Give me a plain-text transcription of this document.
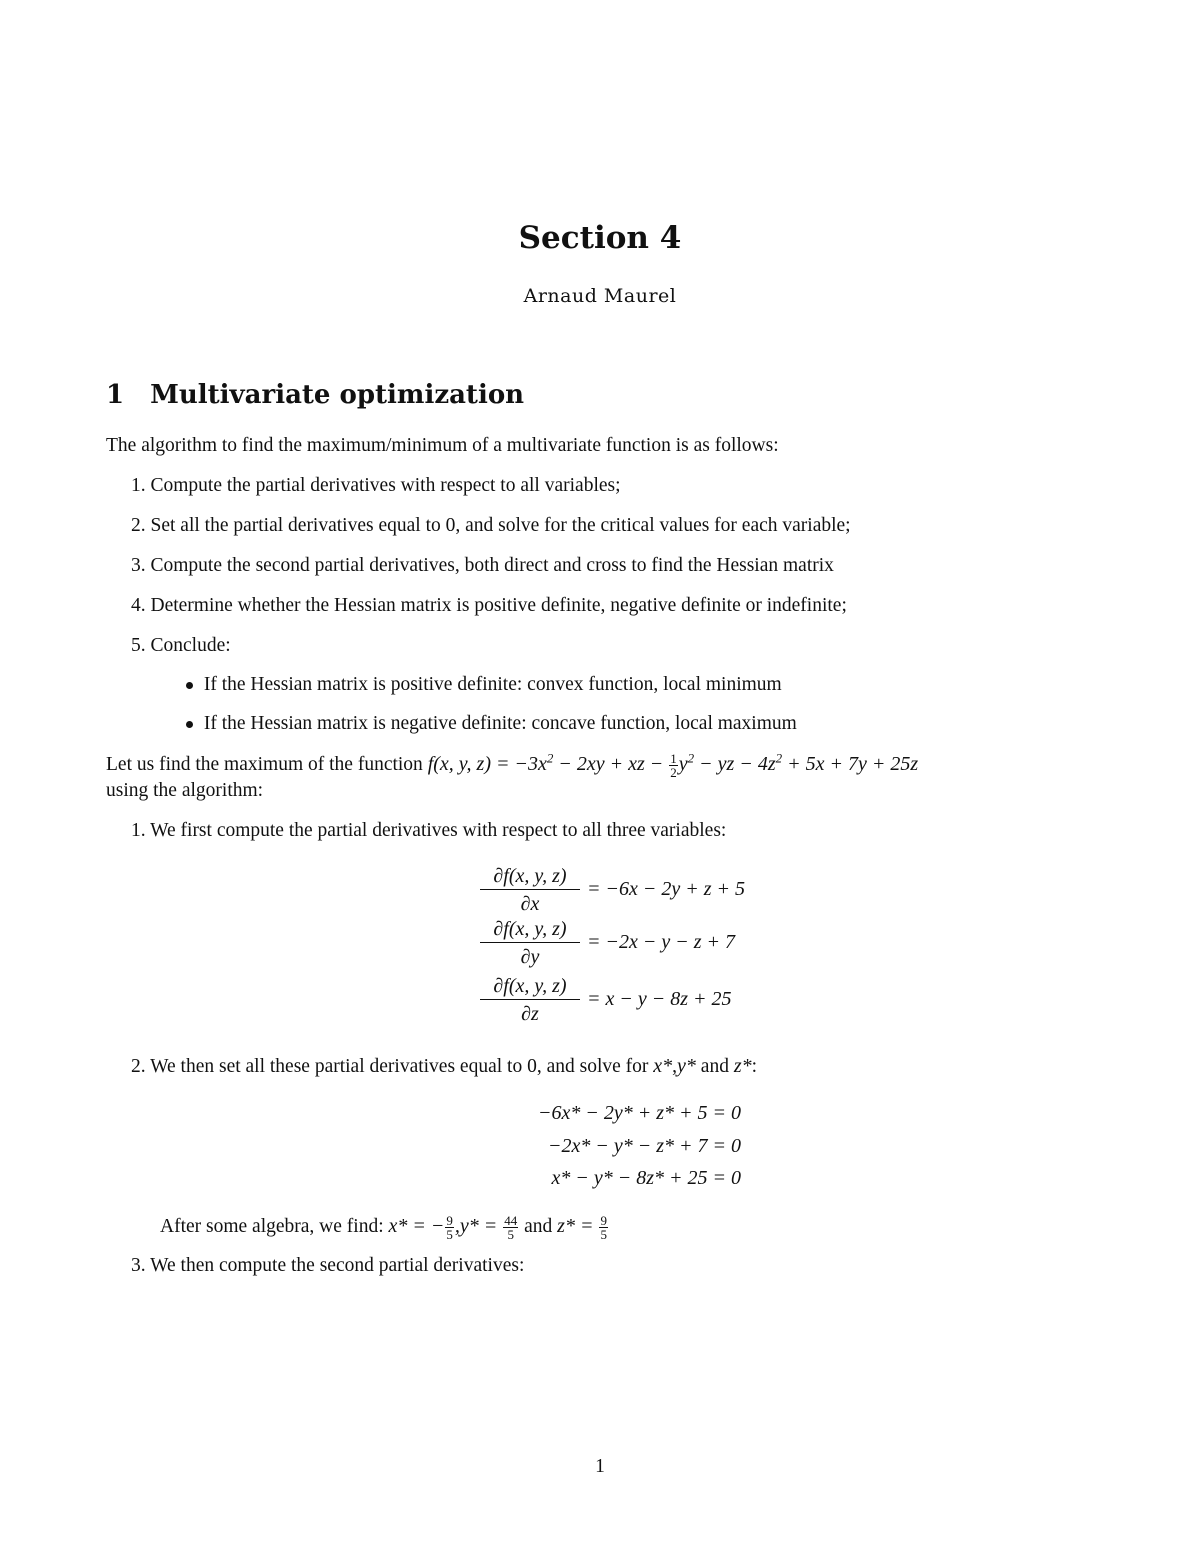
Section 4
Arnaud Maurel
1 Multivariate optimization
The algorithm to find the maximum/minimum of a multivariate function is as follows:
1. Compute the partial derivatives with respect to all variables;
2. Set all the partial derivatives equal to 0, and solve for the critical values for each variable;
3. Compute the second partial derivatives, both direct and cross to find the Hessian matrix
4. Determine whether the Hessian matrix is positive definite, negative definite or indefinite;
5. Conclude:
If the Hessian matrix is positive definite: convex function, local minimum
If the Hessian matrix is negative definite: concave function, local maximum
Let us find the maximum of the function f(x, y, $z) = -3x^2 - 2xy$ + xz − $\frac{1}{2} y^2$ − yz − $4z^2 + 5x + 7y + 25z$
using the algorithm:
1. We first compute the partial derivatives with respect to all three variables:
$\frac{\partial f(x, y, z)}{\partial x} = -6x - 2y + z + 5$
$\frac{\partial f(x, y, z)}{\partial y} = -2x - y - z + 7$
$\frac{\partial f(x, y, z)}{\partial z} = x - y - 8z + 25$
2. We then set all these partial derivatives equal to 0, and solve for x*,y* and z*:
−6x* − 2y* + z* + 5 = 0
−2x* − y* − z* + 7 = 0
x* − y* − 8z* + 25 = 0
After some algebra, we find: x* = − $\frac{9}{5} ,y* = \frac{44}{5}$ and $z* = \frac{9}{5}$
3. We then compute the second partial derivatives:
1
